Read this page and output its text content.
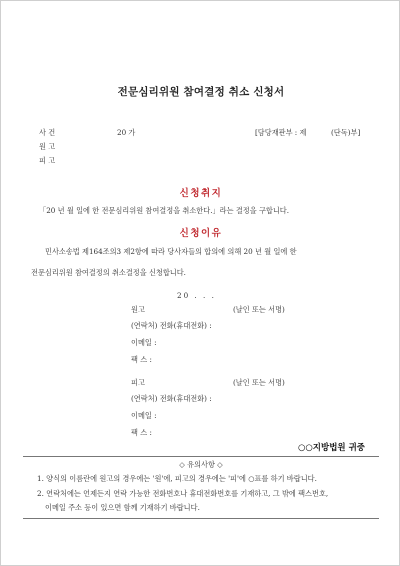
전문심리위원 참여결정 취소 신청서
사 건	20 가	[담당재판부 : 제	(단독)부]
원 고
피 고
신청취지
「20 년 월 일에 한 전문심리위원 참여결정을 취소한다.」라는 결정을 구합니다.
신청이유
민사소송법 제164조의3 제2항에 따라 당사자들의 합의에 의해 20 년 월 일에 한
전문심리위원 참여결정의 취소결정을 신청합니다.
20 . . .
원고	(날인 또는 서명)
(연락처) 전화(휴대전화) :
이메일 :
팩 스 :
피고	(날인 또는 서명)
(연락처) 전화(휴대전화) :
이메일 :
팩 스 :
○○지방법원 귀중
◇ 유의사항 ◇
1. 양식의 이름란에 원고의 경우에는 '원'에, 피고의 경우에는 '피'에 ○표를 하기 바랍니다.
2. 연락처에는 언제든지 연락 가능한 전화번호나 휴대전화번호를 기재하고, 그 밖에 팩스번호,
이메일 주소 등이 있으면 함께 기재하기 바랍니다.
